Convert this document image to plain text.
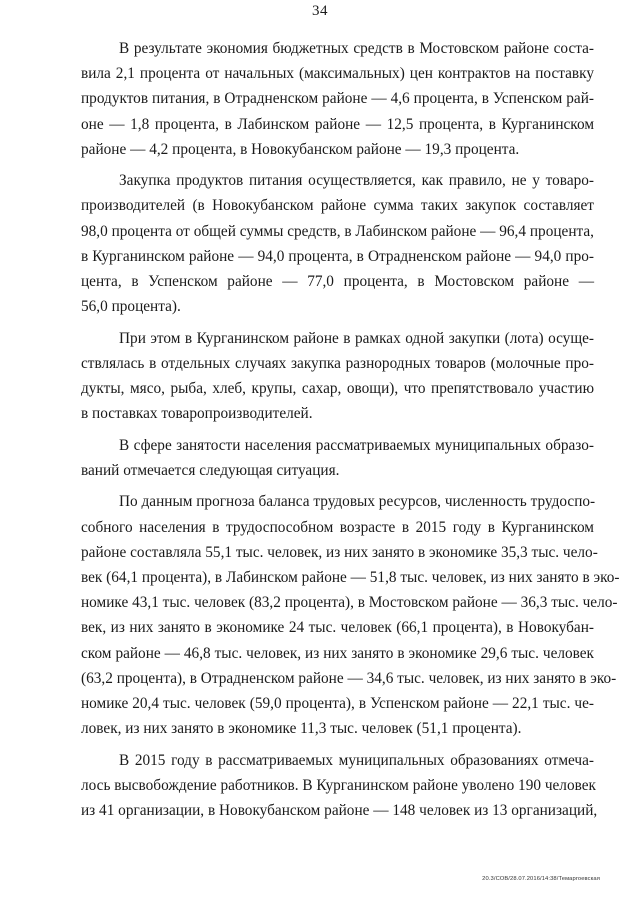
34
В результате экономия бюджетных средств в Мостовском районе соста-
вила 2,1 процента от начальных (максимальных) цен контрактов на поставку
продуктов питания, в Отрадненском районе — 4,6 процента, в Успенском рай-
оне — 1,8 процента, в Лабинском районе — 12,5 процента, в Курганинском
районе — 4,2 процента, в Новокубанском районе — 19,3 процента.
Закупка продуктов питания осуществляется, как правило, не у товаро-
производителей (в Новокубанском районе сумма таких закупок составляет
98,0 процента от общей суммы средств, в Лабинском районе — 96,4 процента,
в Курганинском районе — 94,0 процента, в Отрадненском районе — 94,0 про-
цента, в Успенском районе — 77,0 процента, в Мостовском районе —
56,0 процента).
При этом в Курганинском районе в рамках одной закупки (лота) осуще-
ствлялась в отдельных случаях закупка разнородных товаров (молочные про-
дукты, мясо, рыба, хлеб, крупы, сахар, овощи), что препятствовало участию
в поставках товаропроизводителей.
В сфере занятости населения рассматриваемых муниципальных образо-
ваний отмечается следующая ситуация.
По данным прогноза баланса трудовых ресурсов, численность трудоспо-
собного населения в трудоспособном возрасте в 2015 году в Курганинском
районе составляла 55,1 тыс. человек, из них занято в экономике 35,3 тыс. чело-
век (64,1 процента), в Лабинском районе — 51,8 тыс. человек, из них занято в эко-
номике 43,1 тыс. человек (83,2 процента), в Мостовском районе — 36,3 тыс. чело-
век, из них занято в экономике 24 тыс. человек (66,1 процента), в Новокубан-
ском районе — 46,8 тыс. человек, из них занято в экономике 29,6 тыс. человек
(63,2 процента), в Отрадненском районе — 34,6 тыс. человек, из них занято в эко-
номике 20,4 тыс. человек (59,0 процента), в Успенском районе — 22,1 тыс. че-
ловек, из них занято в экономике 11,3 тыс. человек (51,1 процента).
В 2015 году в рассматриваемых муниципальных образованиях отмеча-
лось высвобождение работников. В Курганинском районе уволено 190 человек
из 41 организации, в Новокубанском районе — 148 человек из 13 организаций,
20.3/СОВ/28.07.2016/14:38/Темаргоевская
